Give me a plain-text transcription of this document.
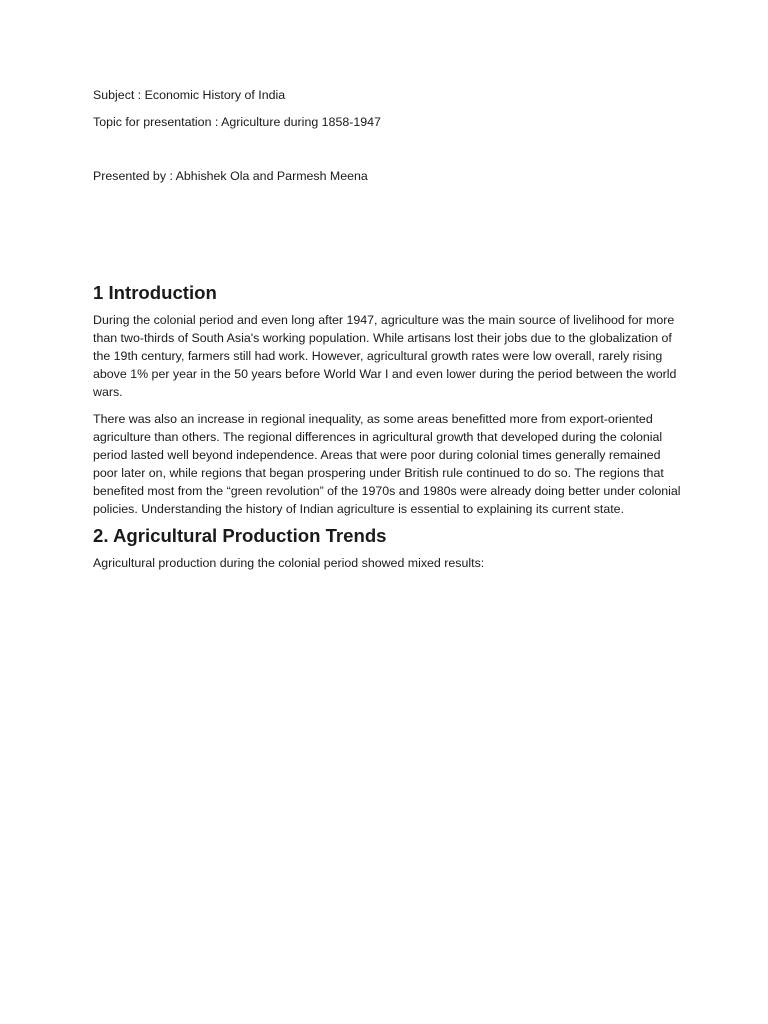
Subject : Economic History of India

Topic for presentation : Agriculture during 1858-1947

Presented by : Abhishek Ola and Parmesh Meena

1 Introduction

During the colonial period and even long after 1947, agriculture was the main source of livelihood for more than two-thirds of South Asia's working population. While artisans lost their jobs due to the globalization of the 19th century, farmers still had work. However, agricultural growth rates were low overall, rarely rising above 1% per year in the 50 years before World War I and even lower during the period between the world wars.

There was also an increase in regional inequality, as some areas benefitted more from export-oriented agriculture than others. The regional differences in agricultural growth that developed during the colonial period lasted well beyond independence. Areas that were poor during colonial times generally remained poor later on, while regions that began prospering under British rule continued to do so. The regions that benefited most from the “green revolution” of the 1970s and 1980s were already doing better under colonial policies. Understanding the history of Indian agriculture is essential to explaining its current state.

2. Agricultural Production Trends

Agricultural production during the colonial period showed mixed results:
